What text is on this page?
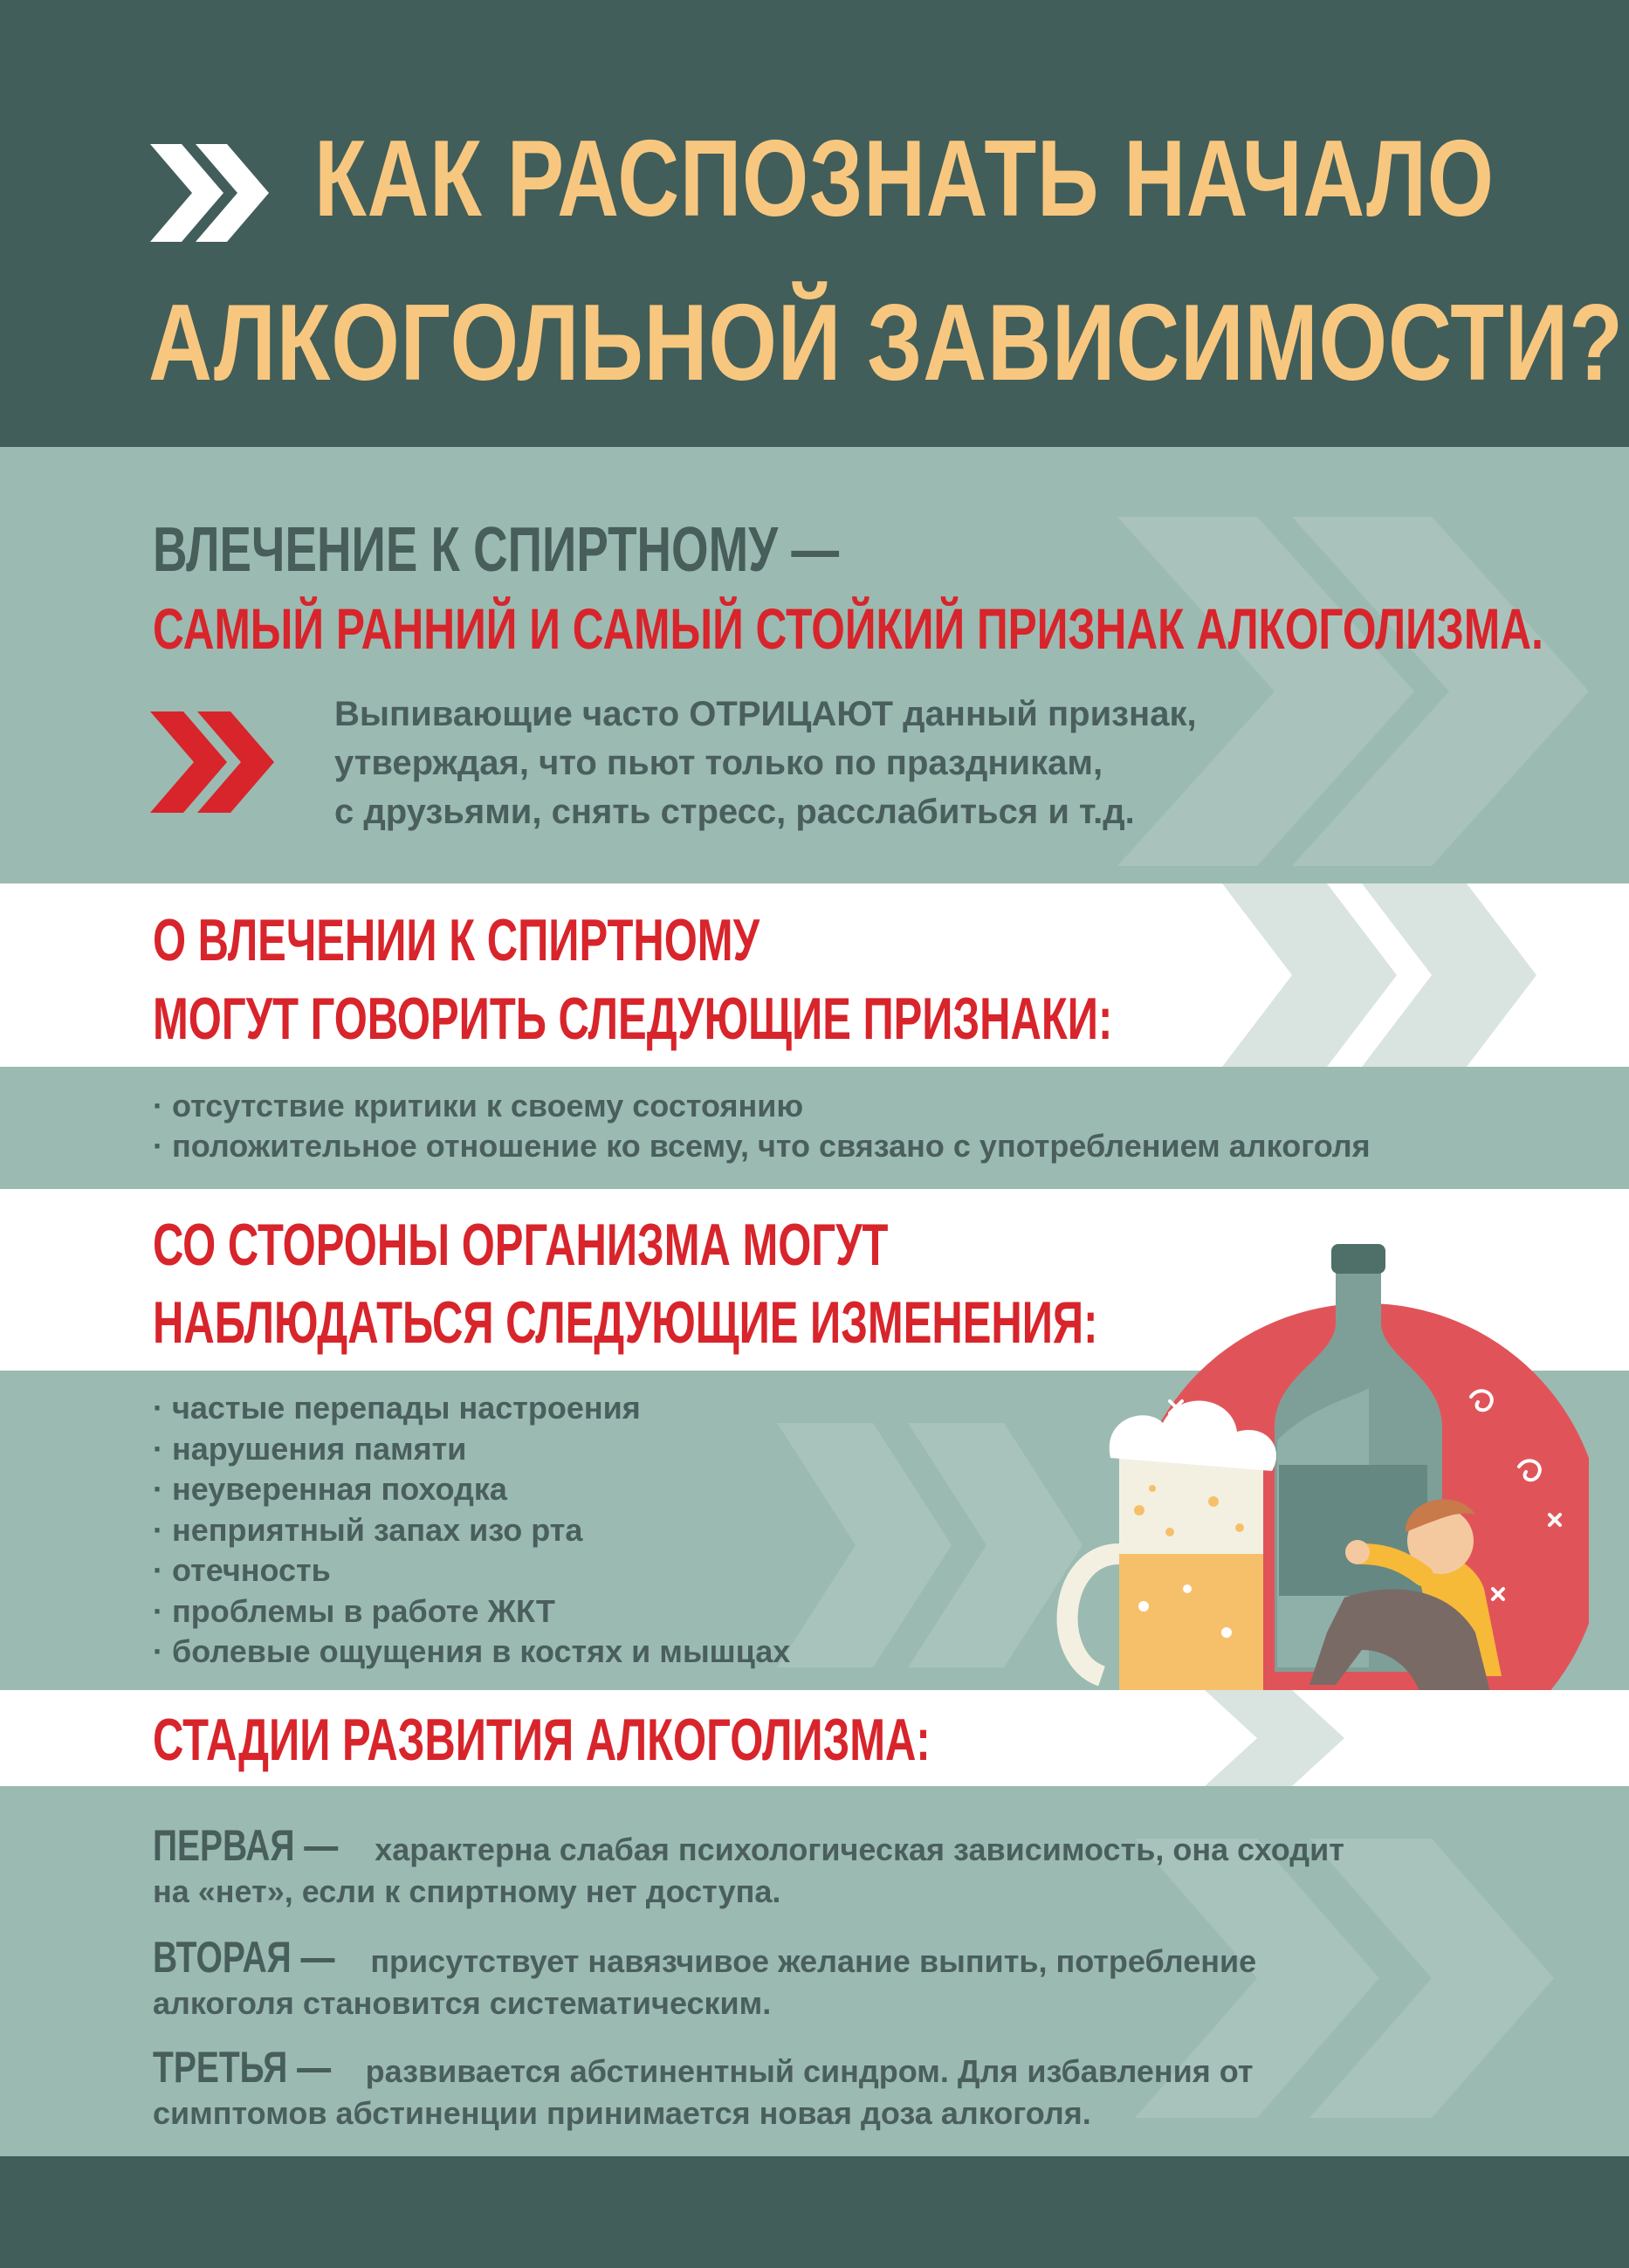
КАК РАСПОЗНАТЬ НАЧАЛО
АЛКОГОЛЬНОЙ ЗАВИСИМОСТИ?
ВЛЕЧЕНИЕ К СПИРТНОМУ —
САМЫЙ РАННИЙ И САМЫЙ СТОЙКИЙ ПРИЗНАК АЛКОГОЛИЗМА.
Выпивающие часто ОТРИЦАЮТ данный признак,
утверждая, что пьют только по праздникам,
с друзьями, снять стресс, расслабиться и т.д.
О ВЛЕЧЕНИИ К СПИРТНОМУ
МОГУТ ГОВОРИТЬ СЛЕДУЮЩИЕ ПРИЗНАКИ:
· отсутствие критики к своему состоянию
· положительное отношение ко всему, что связано с употреблением алкоголя
СО СТОРОНЫ ОРГАНИЗМА МОГУТ
НАБЛЮДАТЬСЯ СЛЕДУЮЩИЕ ИЗМЕНЕНИЯ:
· частые перепады настроения
· нарушения памяти
· неуверенная походка
· неприятный запах изо рта
· отечность
· проблемы в работе ЖКТ
· болевые ощущения в костях и мышцах
СТАДИИ РАЗВИТИЯ АЛКОГОЛИЗМА:
ПЕРВАЯ — характерна слабая психологическая зависимость, она сходит
на «нет», если к спиртному нет доступа.
ВТОРАЯ — присутствует навязчивое желание выпить, потребление
алкоголя становится систематическим.
ТРЕТЬЯ — развивается абстинентный синдром. Для избавления от
симптомов абстиненции принимается новая доза алкоголя.
